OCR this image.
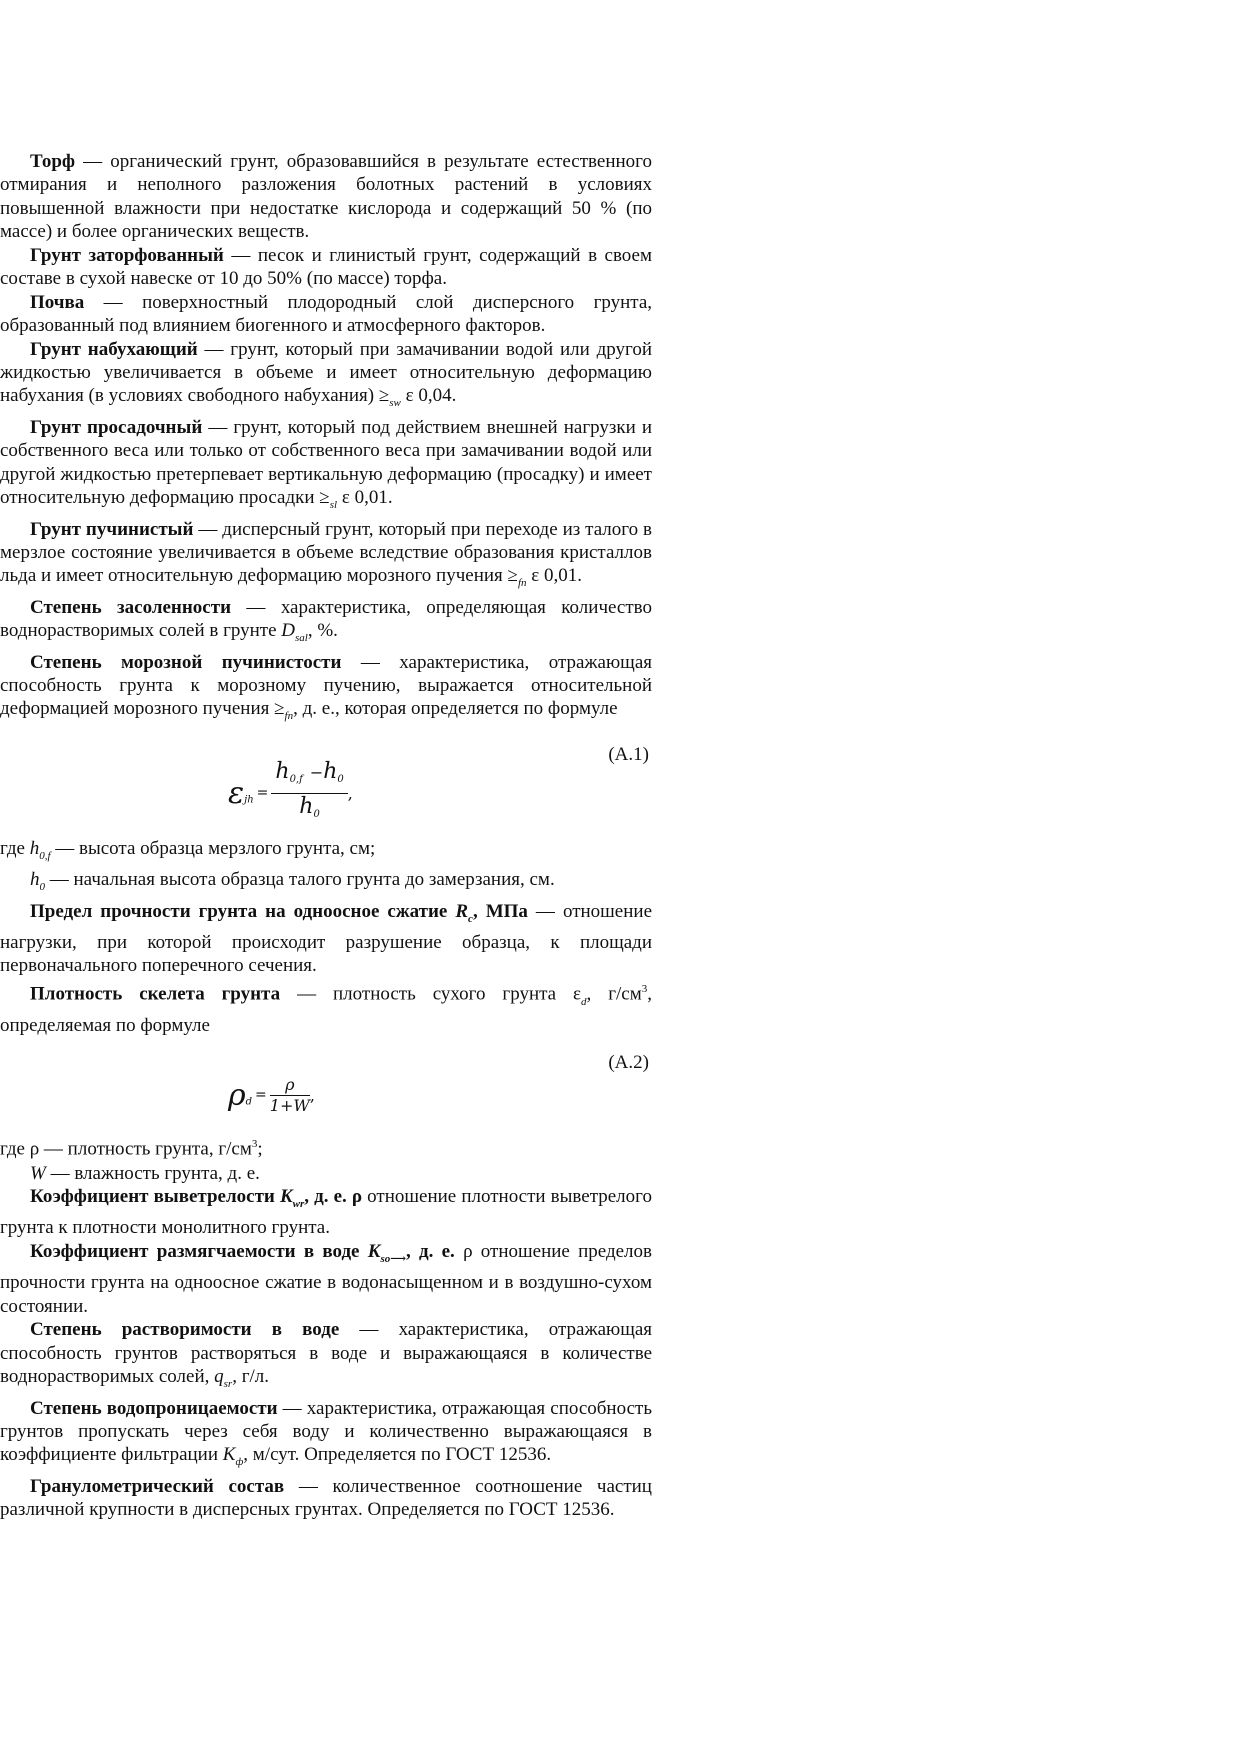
Торф — органический грунт, образовавшийся в результате естественного отмирания и неполного разложения болотных растений в условиях повышенной влажности при недостатке кислорода и содержащий 50 % (по массе) и более органических веществ.

Грунт заторфованный — песок и глинистый грунт, содержащий в своем составе в сухой навеске от 10 до 50% (по массе) торфа.

Почва — поверхностный плодородный слой дисперсного грунта, образованный под влиянием биогенного и атмосферного факторов.

Грунт набухающий — грунт, который при замачивании водой или другой жидкостью увеличивается в объеме и имеет относительную деформацию набухания (в условиях свободного набухания) $\ge_{sw}$ ε 0,04.

Грунт просадочный — грунт, который под действием внешней нагрузки и собственного веса или только от собственного веса при замачивании водой или другой жидкостью претерпевает вертикальную деформацию (просадку) и имеет относительную деформацию просадки $\ge_{sl}$ ε 0,01.

Грунт пучинистый — дисперсный грунт, который при переходе из талого в мерзлое состояние увеличивается в объеме вследствие образования кристаллов льда и имеет относительную деформацию морозного пучения $\ge_{fn}$ ε 0,01.

Степень засоленности — характеристика, определяющая количество воднорастворимых солей в грунте $D_{sal}$, %.

Степень морозной пучинистости — характеристика, отражающая способность грунта к морозному пучению, выражается относительной деформацией морозного пучения $\ge_{fn}$, д. е., которая определяется по формуле

(А.1)
$\varepsilon_{jh} = \frac{h_{0,f} -h_0}{h_0}$ ,

где $h_{0,f}$ — высота образца мерзлого грунта, см;

$h_0$ — начальная высота образца талого грунта до замерзания, см.

Предел прочности грунта на одноосное сжатие $R_c$, МПа — отношение нагрузки, при которой происходит разрушение образца, к площади первоначального поперечного сечения.

Плотность скелета грунта — плотность сухого грунта $\varepsilon_d$, $г/см^3$, определяемая по формуле

(А.2)
$\rho_d = \frac{\rho}{1+W}$ ,

где ρ — плотность грунта, $г/см^3$;

W — влажность грунта, д. е.

Коэффициент выветрелости $K_{wr}$, д. е. ρ отношение плотности выветрелого грунта к плотности монолитного грунта.

Коэффициент размягчаемости в воде $K_{so⟶}$, д. е. ρ отношение пределов прочности грунта на одноосное сжатие в водонасыщенном и в воздушно-сухом состоянии.

Степень растворимости в воде — характеристика, отражающая способность грунтов растворяться в воде и выражающаяся в количестве воднорастворимых солей, $q_{sr}$, г/л.

Степень водопроницаемости — характеристика, отражающая способность грунтов пропускать через себя воду и количественно выражающаяся в коэффициенте фильтрации $K_ф$, м/сут. Определяется по ГОСТ 12536.

Гранулометрический состав — количественное соотношение частиц различной крупности в дисперсных грунтах. Определяется по ГОСТ 12536.
